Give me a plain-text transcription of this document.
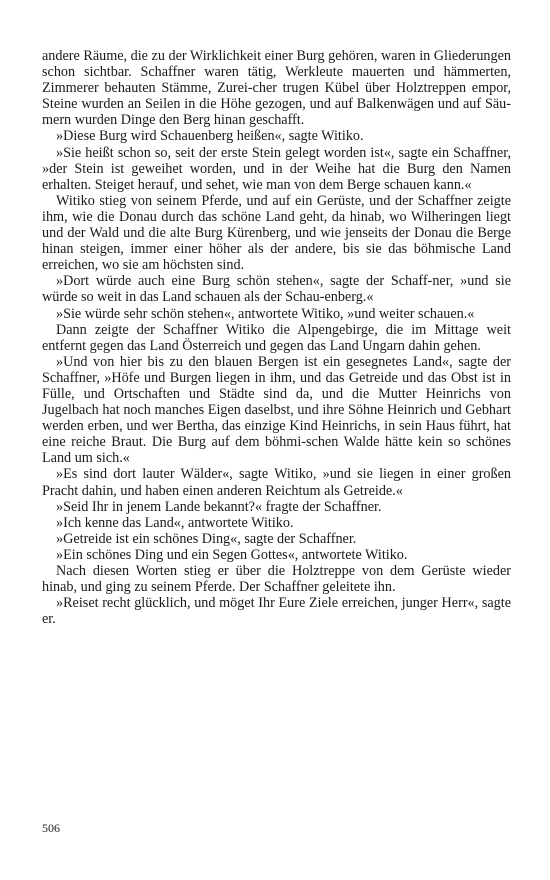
andere Räume, die zu der Wirklichkeit einer Burg gehören, waren in Gliederungen schon sichtbar. Schaffner waren tätig, Werkleute mauerten und hämmerten, Zimmerer behauten Stämme, Zurei-cher trugen Kübel über Holztreppen empor, Steine wurden an Seilen in die Höhe gezogen, und auf Balkenwägen und auf Säu-mern wurden Dinge den Berg hinan geschafft.

»Diese Burg wird Schauenberg heißen«, sagte Witiko.

»Sie heißt schon so, seit der erste Stein gelegt worden ist«, sagte ein Schaffner, »der Stein ist geweihet worden, und in der Weihe hat die Burg den Namen erhalten. Steiget herauf, und sehet, wie man von dem Berge schauen kann.«

Witiko stieg von seinem Pferde, und auf ein Gerüste, und der Schaffner zeigte ihm, wie die Donau durch das schöne Land geht, da hinab, wo Wilheringen liegt und der Wald und die alte Burg Kürenberg, und wie jenseits der Donau die Berge hinan steigen, immer einer höher als der andere, bis sie das böhmische Land erreichen, wo sie am höchsten sind.

»Dort würde auch eine Burg schön stehen«, sagte der Schaff-ner, »und sie würde so weit in das Land schauen als der Schau-enberg.«

»Sie würde sehr schön stehen«, antwortete Witiko, »und weiter schauen.«

Dann zeigte der Schaffner Witiko die Alpengebirge, die im Mittage weit entfernt gegen das Land Österreich und gegen das Land Ungarn dahin gehen.

»Und von hier bis zu den blauen Bergen ist ein gesegnetes Land«, sagte der Schaffner, »Höfe und Burgen liegen in ihm, und das Getreide und das Obst ist in Fülle, und Ortschaften und Städte sind da, und die Mutter Heinrichs von Jugelbach hat noch manches Eigen daselbst, und ihre Söhne Heinrich und Gebhart werden erben, und wer Bertha, das einzige Kind Heinrichs, in sein Haus führt, hat eine reiche Braut. Die Burg auf dem böhmi-schen Walde hätte kein so schönes Land um sich.«

»Es sind dort lauter Wälder«, sagte Witiko, »und sie liegen in einer großen Pracht dahin, und haben einen anderen Reichtum als Getreide.«

»Seid Ihr in jenem Lande bekannt?« fragte der Schaffner.

»Ich kenne das Land«, antwortete Witiko.

»Getreide ist ein schönes Ding«, sagte der Schaffner.

»Ein schönes Ding und ein Segen Gottes«, antwortete Witiko.

Nach diesen Worten stieg er über die Holztreppe von dem Gerüste wieder hinab, und ging zu seinem Pferde. Der Schaffner geleitete ihn.

»Reiset recht glücklich, und möget Ihr Eure Ziele erreichen, junger Herr«, sagte er.

506
